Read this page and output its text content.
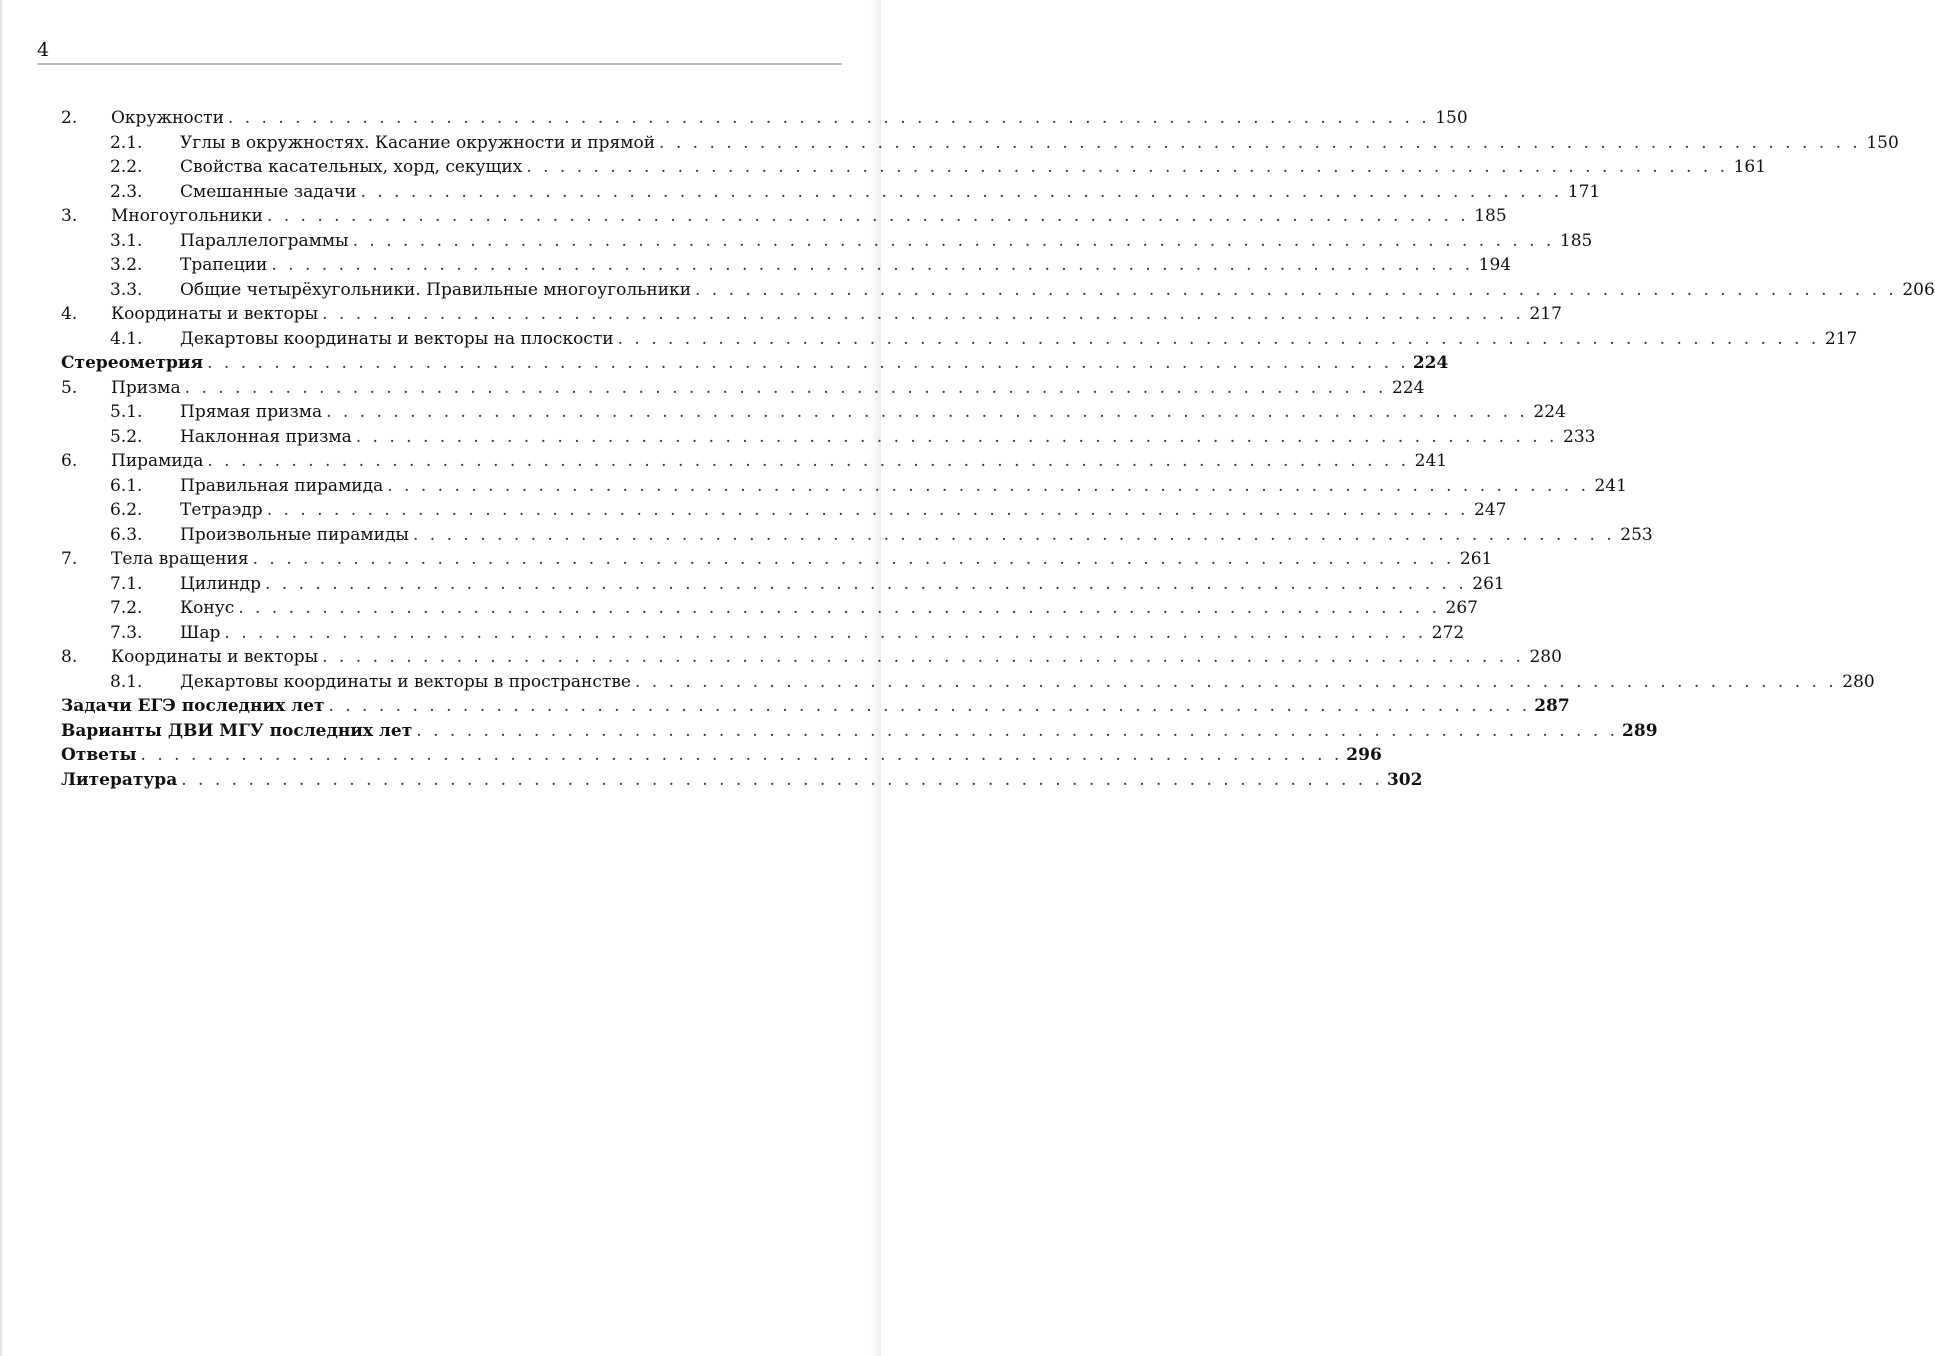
4
2.	Окружности . . . . . . . . . . . . . . . . . . . . . . . . . . . . . . . . . . . . . . . . . . . . . . . . . . . . . . . . . . . . . . . . . . . . . . . . 150
2.1.	Углы в окружностях. Касание окружности и прямой . . . . . . . . . . . . . . . . . . . . . . . . . . . . . . . . . . . . . . . . . . . . . . . . . . . . . . . . . . . . . . . . . . . . . . . . 150
2.2.	Свойства касательных, хорд, секущих . . . . . . . . . . . . . . . . . . . . . . . . . . . . . . . . . . . . . . . . . . . . . . . . . . . . . . . . . . . . . . . . . . . . . . . . 161
2.3.	Смешанные задачи . . . . . . . . . . . . . . . . . . . . . . . . . . . . . . . . . . . . . . . . . . . . . . . . . . . . . . . . . . . . . . . . . . . . . . . . 171
3.	Многоугольники . . . . . . . . . . . . . . . . . . . . . . . . . . . . . . . . . . . . . . . . . . . . . . . . . . . . . . . . . . . . . . . . . . . . . . . . 185
3.1.	Параллелограммы . . . . . . . . . . . . . . . . . . . . . . . . . . . . . . . . . . . . . . . . . . . . . . . . . . . . . . . . . . . . . . . . . . . . . . . . 185
3.2.	Трапеции . . . . . . . . . . . . . . . . . . . . . . . . . . . . . . . . . . . . . . . . . . . . . . . . . . . . . . . . . . . . . . . . . . . . . . . . 194
3.3.	Общие четырёхугольники. Правильные многоугольники . . . . . . . . . . . . . . . . . . . . . . . . . . . . . . . . . . . . . . . . . . . . . . . . . . . . . . . . . . . . . . . . . . . . . . . . 206
4.	Координаты и векторы . . . . . . . . . . . . . . . . . . . . . . . . . . . . . . . . . . . . . . . . . . . . . . . . . . . . . . . . . . . . . . . . . . . . . . . . 217
4.1.	Декартовы координаты и векторы на плоскости . . . . . . . . . . . . . . . . . . . . . . . . . . . . . . . . . . . . . . . . . . . . . . . . . . . . . . . . . . . . . . . . . . . . . . . . 217
Стереометрия . . . . . . . . . . . . . . . . . . . . . . . . . . . . . . . . . . . . . . . . . . . . . . . . . . . . . . . . . . . . . . . . . . . . . . . . 224
5.	Призма . . . . . . . . . . . . . . . . . . . . . . . . . . . . . . . . . . . . . . . . . . . . . . . . . . . . . . . . . . . . . . . . . . . . . . . . 224
5.1.	Прямая призма . . . . . . . . . . . . . . . . . . . . . . . . . . . . . . . . . . . . . . . . . . . . . . . . . . . . . . . . . . . . . . . . . . . . . . . . 224
5.2.	Наклонная призма . . . . . . . . . . . . . . . . . . . . . . . . . . . . . . . . . . . . . . . . . . . . . . . . . . . . . . . . . . . . . . . . . . . . . . . . 233
6.	Пирамида . . . . . . . . . . . . . . . . . . . . . . . . . . . . . . . . . . . . . . . . . . . . . . . . . . . . . . . . . . . . . . . . . . . . . . . . 241
6.1.	Правильная пирамида . . . . . . . . . . . . . . . . . . . . . . . . . . . . . . . . . . . . . . . . . . . . . . . . . . . . . . . . . . . . . . . . . . . . . . . . 241
6.2.	Тетраэдр . . . . . . . . . . . . . . . . . . . . . . . . . . . . . . . . . . . . . . . . . . . . . . . . . . . . . . . . . . . . . . . . . . . . . . . . 247
6.3.	Произвольные пирамиды . . . . . . . . . . . . . . . . . . . . . . . . . . . . . . . . . . . . . . . . . . . . . . . . . . . . . . . . . . . . . . . . . . . . . . . . 253
7.	Тела вращения . . . . . . . . . . . . . . . . . . . . . . . . . . . . . . . . . . . . . . . . . . . . . . . . . . . . . . . . . . . . . . . . . . . . . . . . 261
7.1.	Цилиндр . . . . . . . . . . . . . . . . . . . . . . . . . . . . . . . . . . . . . . . . . . . . . . . . . . . . . . . . . . . . . . . . . . . . . . . . 261
7.2.	Конус . . . . . . . . . . . . . . . . . . . . . . . . . . . . . . . . . . . . . . . . . . . . . . . . . . . . . . . . . . . . . . . . . . . . . . . . 267
7.3.	Шар . . . . . . . . . . . . . . . . . . . . . . . . . . . . . . . . . . . . . . . . . . . . . . . . . . . . . . . . . . . . . . . . . . . . . . . . 272
8.	Координаты и векторы . . . . . . . . . . . . . . . . . . . . . . . . . . . . . . . . . . . . . . . . . . . . . . . . . . . . . . . . . . . . . . . . . . . . . . . . 280
8.1.	Декартовы координаты и векторы в пространстве . . . . . . . . . . . . . . . . . . . . . . . . . . . . . . . . . . . . . . . . . . . . . . . . . . . . . . . . . . . . . . . . . . . . . . . . 280
Задачи ЕГЭ последних лет . . . . . . . . . . . . . . . . . . . . . . . . . . . . . . . . . . . . . . . . . . . . . . . . . . . . . . . . . . . . . . . . . . . . . . . . 287
Варианты ДВИ МГУ последних лет . . . . . . . . . . . . . . . . . . . . . . . . . . . . . . . . . . . . . . . . . . . . . . . . . . . . . . . . . . . . . . . . . . . . . . . . 289
Ответы . . . . . . . . . . . . . . . . . . . . . . . . . . . . . . . . . . . . . . . . . . . . . . . . . . . . . . . . . . . . . . . . . . . . . . . . 296
Литература . . . . . . . . . . . . . . . . . . . . . . . . . . . . . . . . . . . . . . . . . . . . . . . . . . . . . . . . . . . . . . . . . . . . . . . . 302
